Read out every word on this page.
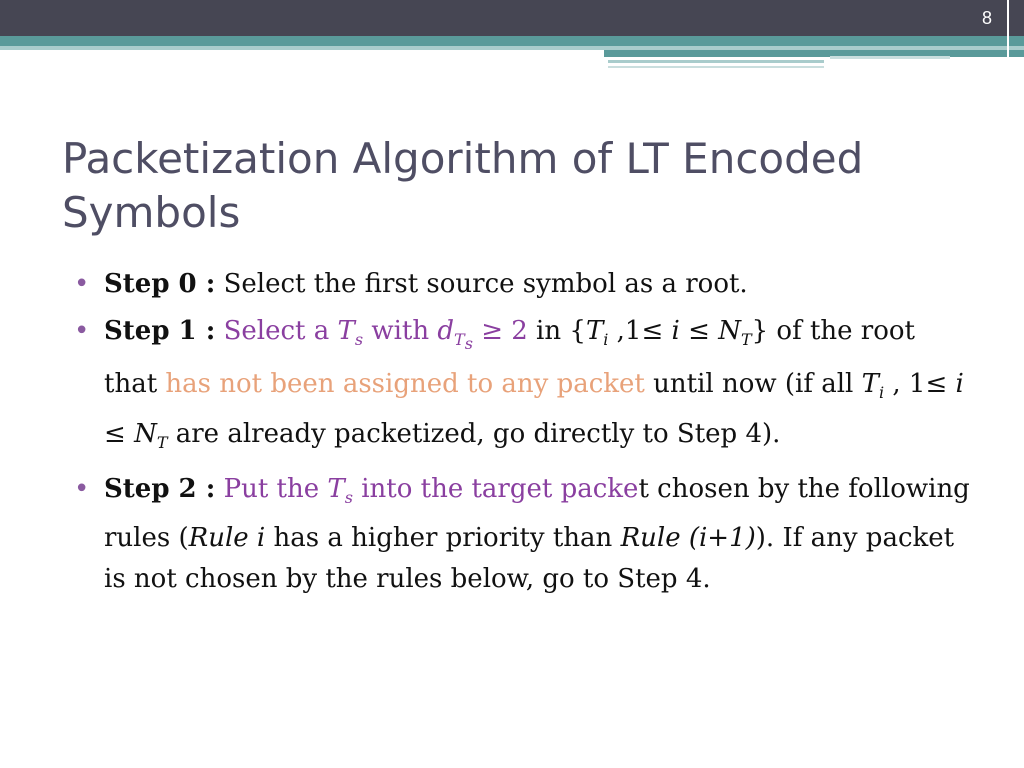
8
Packetization Algorithm of LT Encoded Symbols
• Step 0 : Select the first source symbol as a root.
• Step 1 : Select a $T_s$ with $d_{T_s} \ge 2$ in {$T_i$ $,1\le i \le N_T$} of the root that has not been assigned to any packet until now (if all $T_i$ , $1\le i \le N_T$ are already packetized, go directly to Step 4).
• Step 2 : Put the $T_s$ into the target packet chosen by the following rules (Rule i has a higher priority than Rule (i+1)). If any packet is not chosen by the rules below, go to Step 4.
